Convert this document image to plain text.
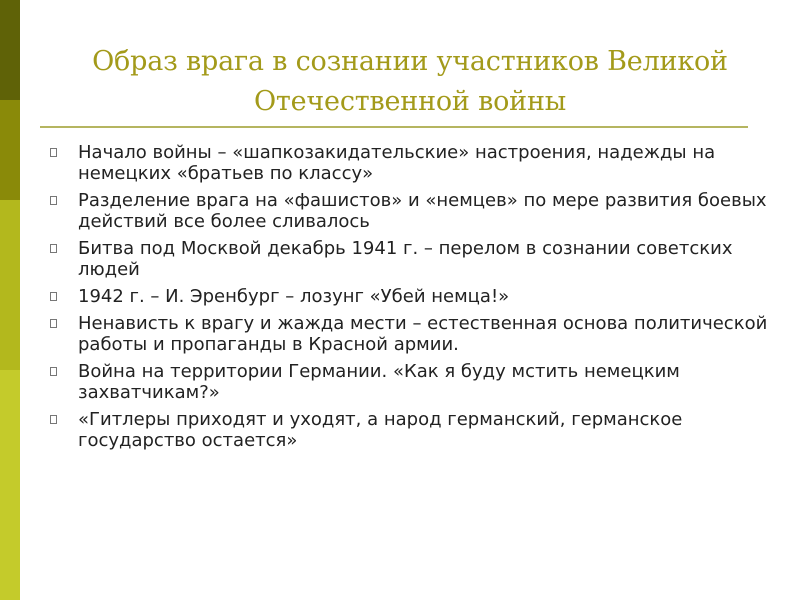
Образ врага в сознании участников Великой Отечественной войны
Начало войны – «шапкозакидательские» настроения, надежды на немецких «братьев по классу»
Разделение врага на «фашистов» и «немцев» по мере развития боевых действий все более сливалось
Битва под Москвой декабрь 1941 г. – перелом в сознании советских людей
1942 г. – И. Эренбург – лозунг «Убей немца!»
Ненависть к врагу и жажда мести – естественная основа политической работы и пропаганды в Красной армии.
Война на территории Германии. «Как я буду мстить немецким захватчикам?»
«Гитлеры приходят и уходят, а народ германский, германское государство остается»
